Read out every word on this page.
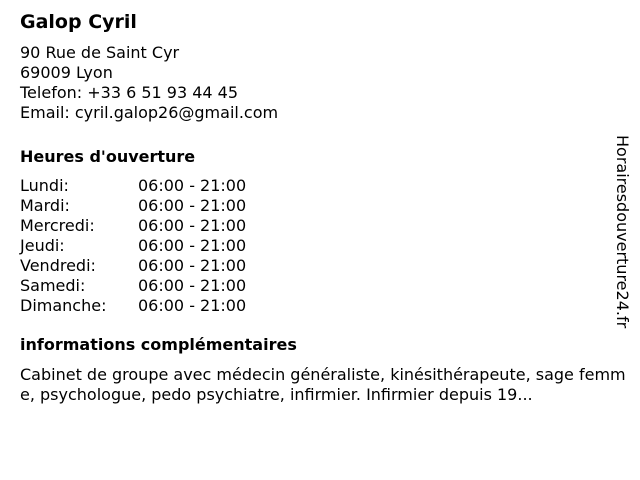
Galop Cyril
90 Rue de Saint Cyr
69009 Lyon
Telefon: +33 6 51 93 44 45
Email: cyril.galop26@gmail.com
Heures d'ouverture
Lundi:	06:00 - 21:00
Mardi:	06:00 - 21:00
Mercredi:	06:00 - 21:00
Jeudi:	06:00 - 21:00
Vendredi:	06:00 - 21:00
Samedi:	06:00 - 21:00
Dimanche:	06:00 - 21:00
informations complémentaires
Cabinet de groupe avec médecin généraliste, kinésithérapeute, sage femme, psychologue, pedo psychiatre, infirmier. Infirmier depuis 19...
Horairesdouverture24.fr
